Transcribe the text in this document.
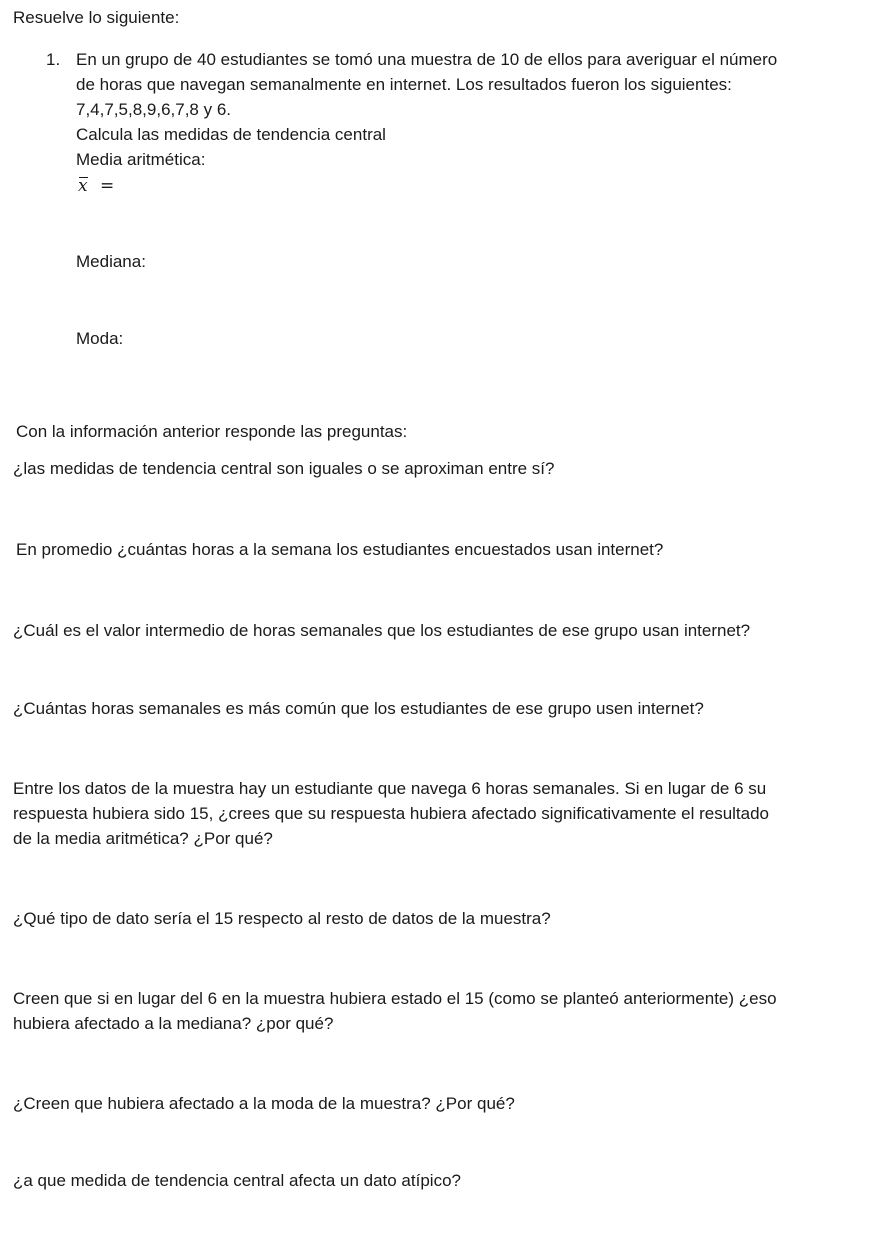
Resuelve lo siguiente:
1. En un grupo de 40 estudiantes se tomó una muestra de 10 de ellos para averiguar el número
de horas que navegan semanalmente en internet. Los resultados fueron los siguientes:
7,4,7,5,8,9,6,7,8 y 6.
Calcula las medidas de tendencia central
Media aritmética:
x =
Mediana:
Moda:
Con la información anterior responde las preguntas:
¿las medidas de tendencia central son iguales o se aproximan entre sí?
En promedio ¿cuántas horas a la semana los estudiantes encuestados usan internet?
¿Cuál es el valor intermedio de horas semanales que los estudiantes de ese grupo usan internet?
¿Cuántas horas semanales es más común que los estudiantes de ese grupo usen internet?
Entre los datos de la muestra hay un estudiante que navega 6 horas semanales. Si en lugar de 6 su
respuesta hubiera sido 15, ¿crees que su respuesta hubiera afectado significativamente el resultado
de la media aritmética? ¿Por qué?
¿Qué tipo de dato sería el 15 respecto al resto de datos de la muestra?
Creen que si en lugar del 6 en la muestra hubiera estado el 15 (como se planteó anteriormente) ¿eso
hubiera afectado a la mediana? ¿por qué?
¿Creen que hubiera afectado a la moda de la muestra? ¿Por qué?
¿a que medida de tendencia central afecta un dato atípico?
